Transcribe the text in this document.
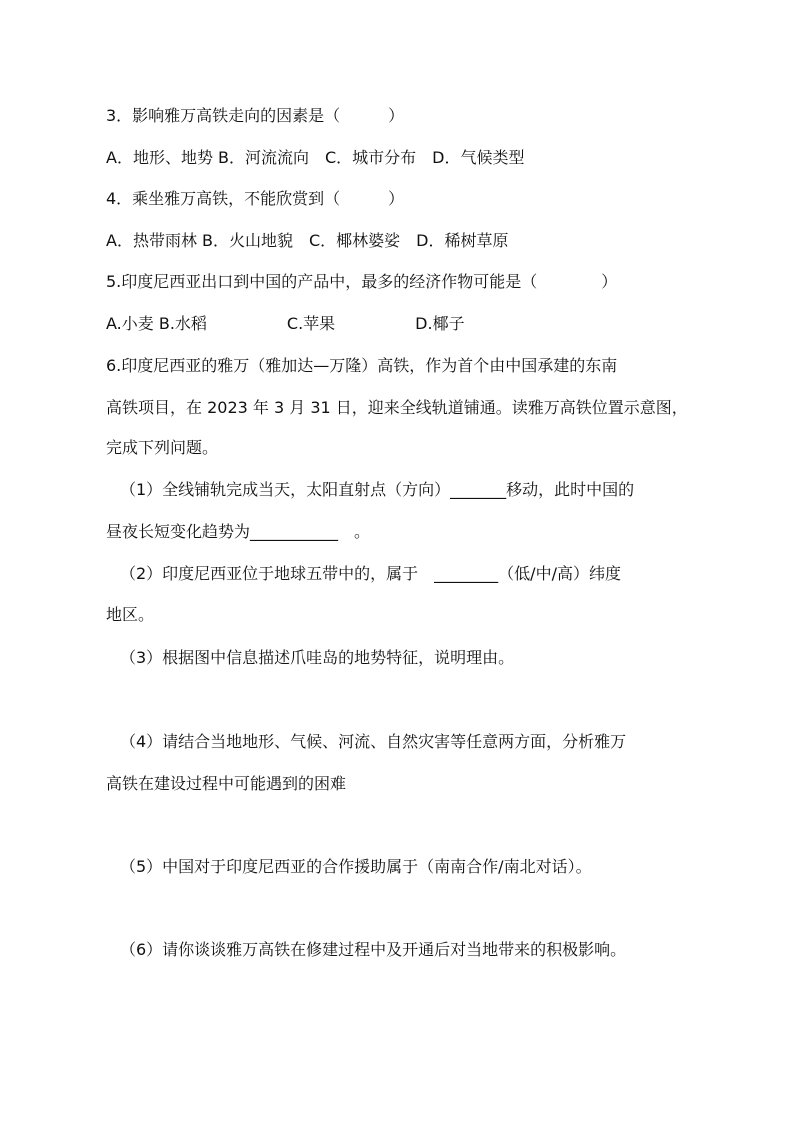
3．影响雅万高铁走向的因素是（　　　）
A．地形、地势 B．河流流向　C．城市分布　D．气候类型
4．乘坐雅万高铁，不能欣赏到（　　　）
A．热带雨林 B．火山地貌　C．椰林婆娑　D．稀树草原
5.印度尼西亚出口到中国的产品中，最多的经济作物可能是（　　　　）
A.小麦 B.水稻　　　　　C.苹果　　　　　D.椰子
6.印度尼西亚的雅万（雅加达—万隆）高铁，作为首个由中国承建的东南
高铁项目，在 2023 年 3 月 31 日，迎来全线轨道铺通。读雅万高铁位置示意图，
完成下列问题。
（1）全线铺轨完成当天，太阳直射点（方向）_______移动，此时中国的
昼夜长短变化趋势为___________　。
（2）印度尼西亚位于地球五带中的，属于　________（低/中/高）纬度
地区。
（3）根据图中信息描述爪哇岛的地势特征，说明理由。
（4）请结合当地地形、气候、河流、自然灾害等任意两方面，分析雅万
高铁在建设过程中可能遇到的困难
（5）中国对于印度尼西亚的合作援助属于（南南合作/南北对话）。
（6）请你谈谈雅万高铁在修建过程中及开通后对当地带来的积极影响。
